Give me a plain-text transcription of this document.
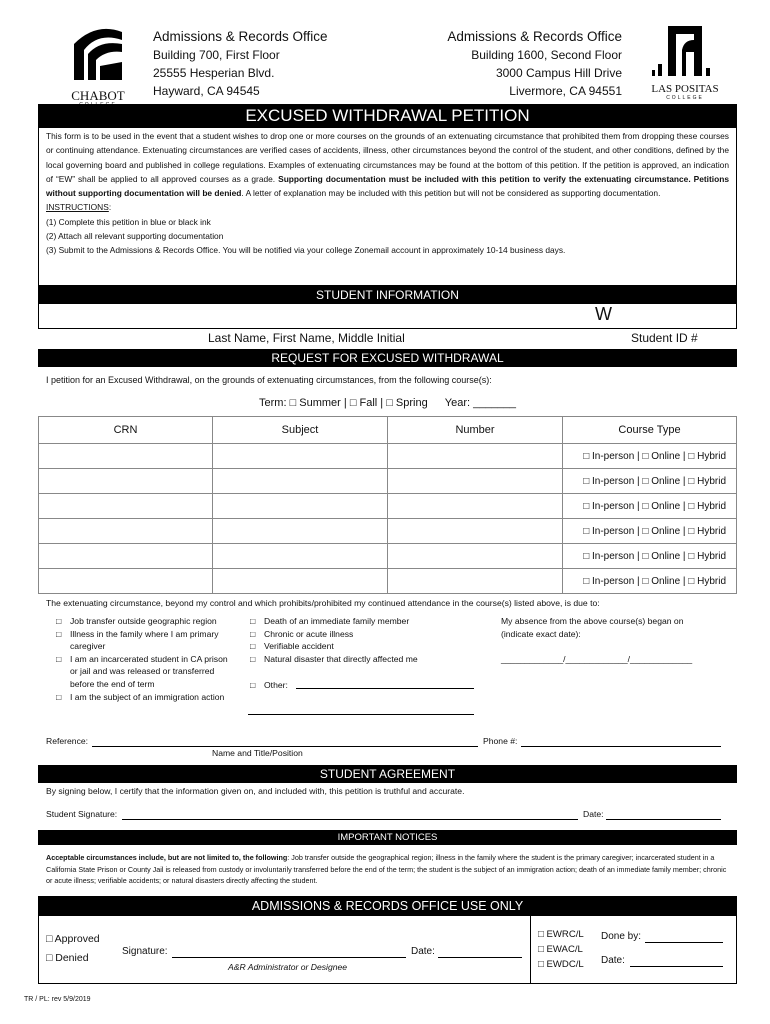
CHABOT
Admissions & Records Office
Building 700, First Floor
25555 Hesperian Blvd.
Hayward, CA 94545
Admissions & Records Office
Building 1600, Second Floor
3000 Campus Hill Drive
Livermore, CA 94551	LAS POSITAS
COLLEGE
EXCUSED WITHDRAWAL PETITION
This form is to be used in the event that a student wishes to drop one or more courses on the grounds of an extenuating circumstance that prohibited them from dropping these courses or continuing attendance. Extenuating circumstances are verified cases of accidents, illness, other circumstances beyond the control of the student, and other conditions, defined by the local governing board and published in college regulations. Examples of extenuating circumstances may be found at the bottom of this petition. If the petition is approved, an indication of “EW” shall be applied to all approved courses as a grade. Supporting documentation must be included with this petition to verify the extenuating circumstance. Petitions without supporting documentation will be denied. A letter of explanation may be included with this petition but will not be considered as supporting documentation.
INSTRUCTIONS:
(1) Complete this petition in blue or black ink
(2) Attach all relevant supporting documentation
(3) Submit to the Admissions & Records Office. You will be notified via your college Zonemail account in approximately 10-14 business days.
STUDENT INFORMATION
W
Last Name, First Name, Middle Initial	Student ID #
REQUEST FOR EXCUSED WITHDRAWAL
I petition for an Excused Withdrawal, on the grounds of extenuating circumstances, from the following course(s):
Term: □ Summer | □ Fall | □ Spring Year: _______
CRN	Subject	Number	Course Type
			□ In-person | □ Online | □ Hybrid
			□ In-person | □ Online | □ Hybrid
			□ In-person | □ Online | □ Hybrid
			□ In-person | □ Online | □ Hybrid
			□ In-person | □ Online | □ Hybrid
			□ In-person | □ Online | □ Hybrid
The extenuating circumstance, beyond my control and which prohibits/prohibited my continued attendance in the course(s) listed above, is due to:
□ Job transfer outside geographic region
□ Illness in the family where I am primary caregiver
□ I am an incarcerated student in CA prison or jail and was released or transferred before the end of term
□ I am the subject of an immigration action
□ Death of an immediate family member
□ Chronic or acute illness
□ Verifiable accident
□ Natural disaster that directly affected me
□ Other:
My absence from the above course(s) began on (indicate exact date):
_____________/_____________/_____________
Reference:
Name and Title/Position
Phone #:
STUDENT AGREEMENT
By signing below, I certify that the information given on, and included with, this petition is truthful and accurate.
Student Signature:	Date:
IMPORTANT NOTICES
Acceptable circumstances include, but are not limited to, the following: Job transfer outside the geographical region; illness in the family where the student is the primary caregiver; incarcerated student in a California State Prison or County Jail is released from custody or involuntarily transferred before the end of the term; the student is the subject of an immigration action; death of an immediate family member; chronic or acute illness; verifiable accidents; or natural disasters directly affecting the student.
ADMISSIONS & RECORDS OFFICE USE ONLY
□ Approved
□ Denied
Signature:
A&R Administrator or Designee
Date:
□ EWRC/L
□ EWAC/L
□ EWDC/L
Done by:
Date:
TR / PL: rev 5/9/2019
